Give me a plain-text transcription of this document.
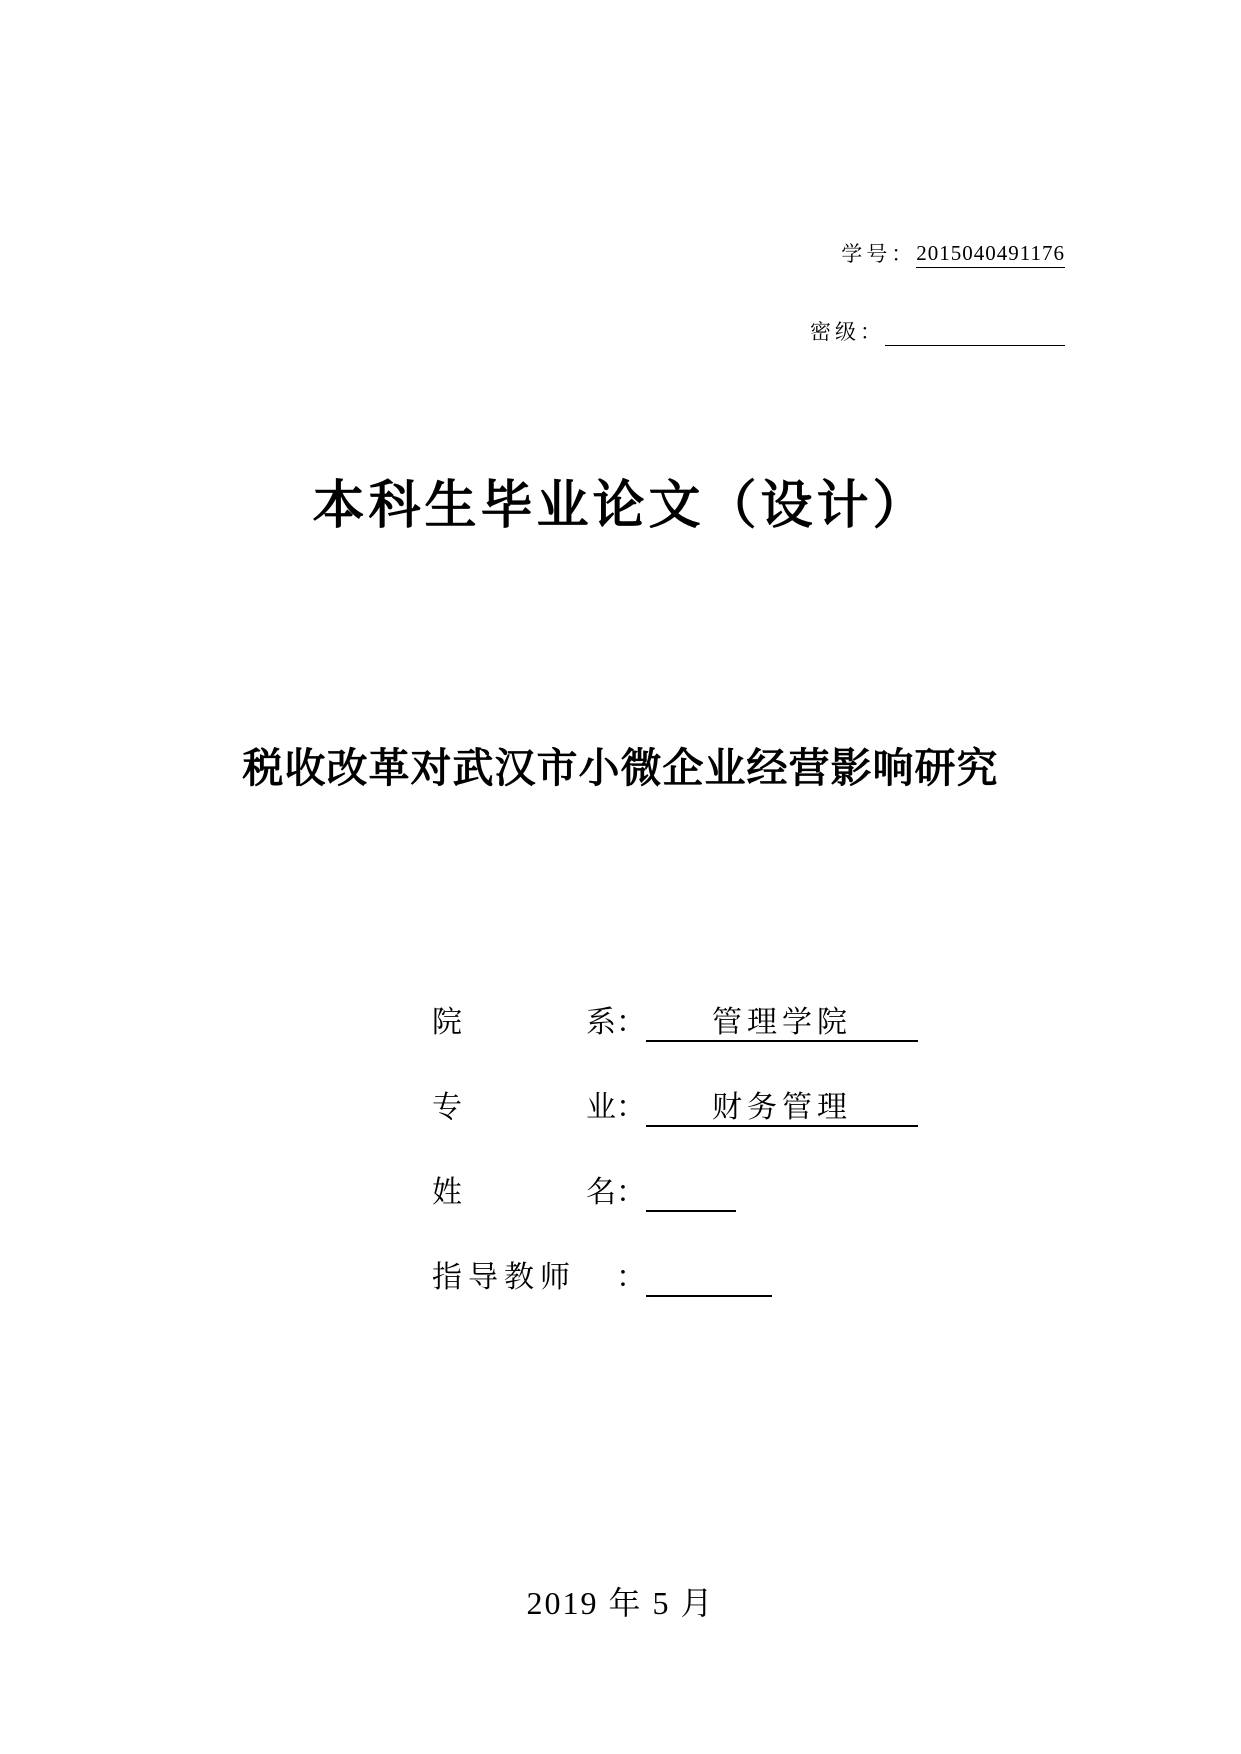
学号： 2015040491176
密级：
本科生毕业论文（设计）
税收改革对武汉市小微企业经营影响研究
院	系 ：	管理学院
专	业 ：	财务管理
姓	名 ：
指导教师	：
2019 年 5 月
